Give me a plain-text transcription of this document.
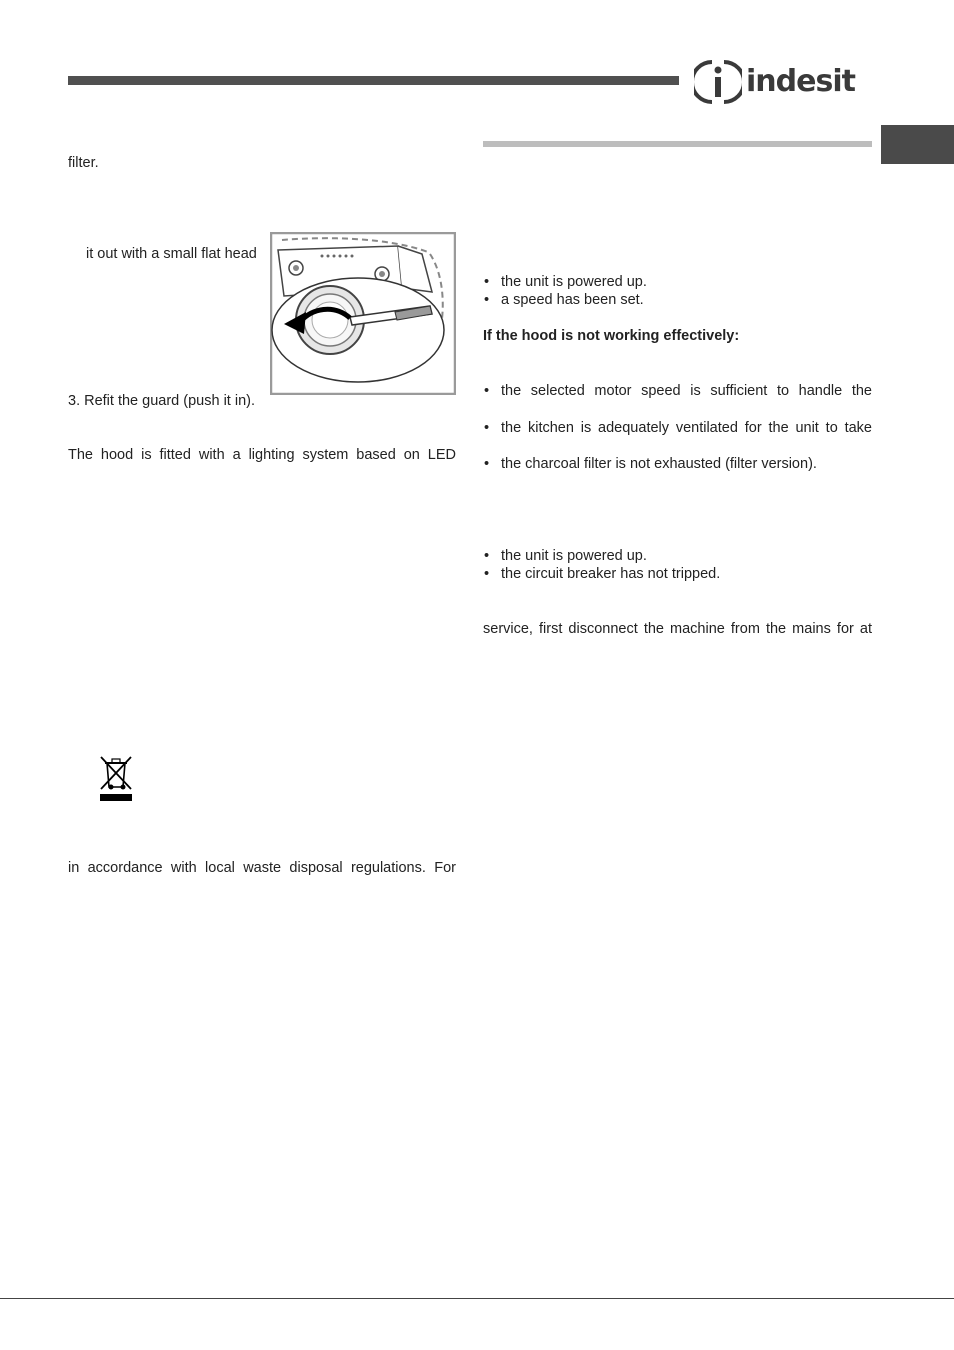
indesit
filter.
it out with a small flat head
3. Refit the guard (push it in).
The hood is fitted with a lighting system based on LED
in accordance with local waste disposal regulations. For
• the unit is powered up.
• a speed has been set.
If the hood is not working effectively:
• the selected motor speed is sufficient to handle the
• the kitchen is adequately ventilated for the unit to take
• the charcoal filter is not exhausted (filter version).
• the unit is powered up.
• the circuit breaker has not tripped.
service, first disconnect the machine from the mains for at
